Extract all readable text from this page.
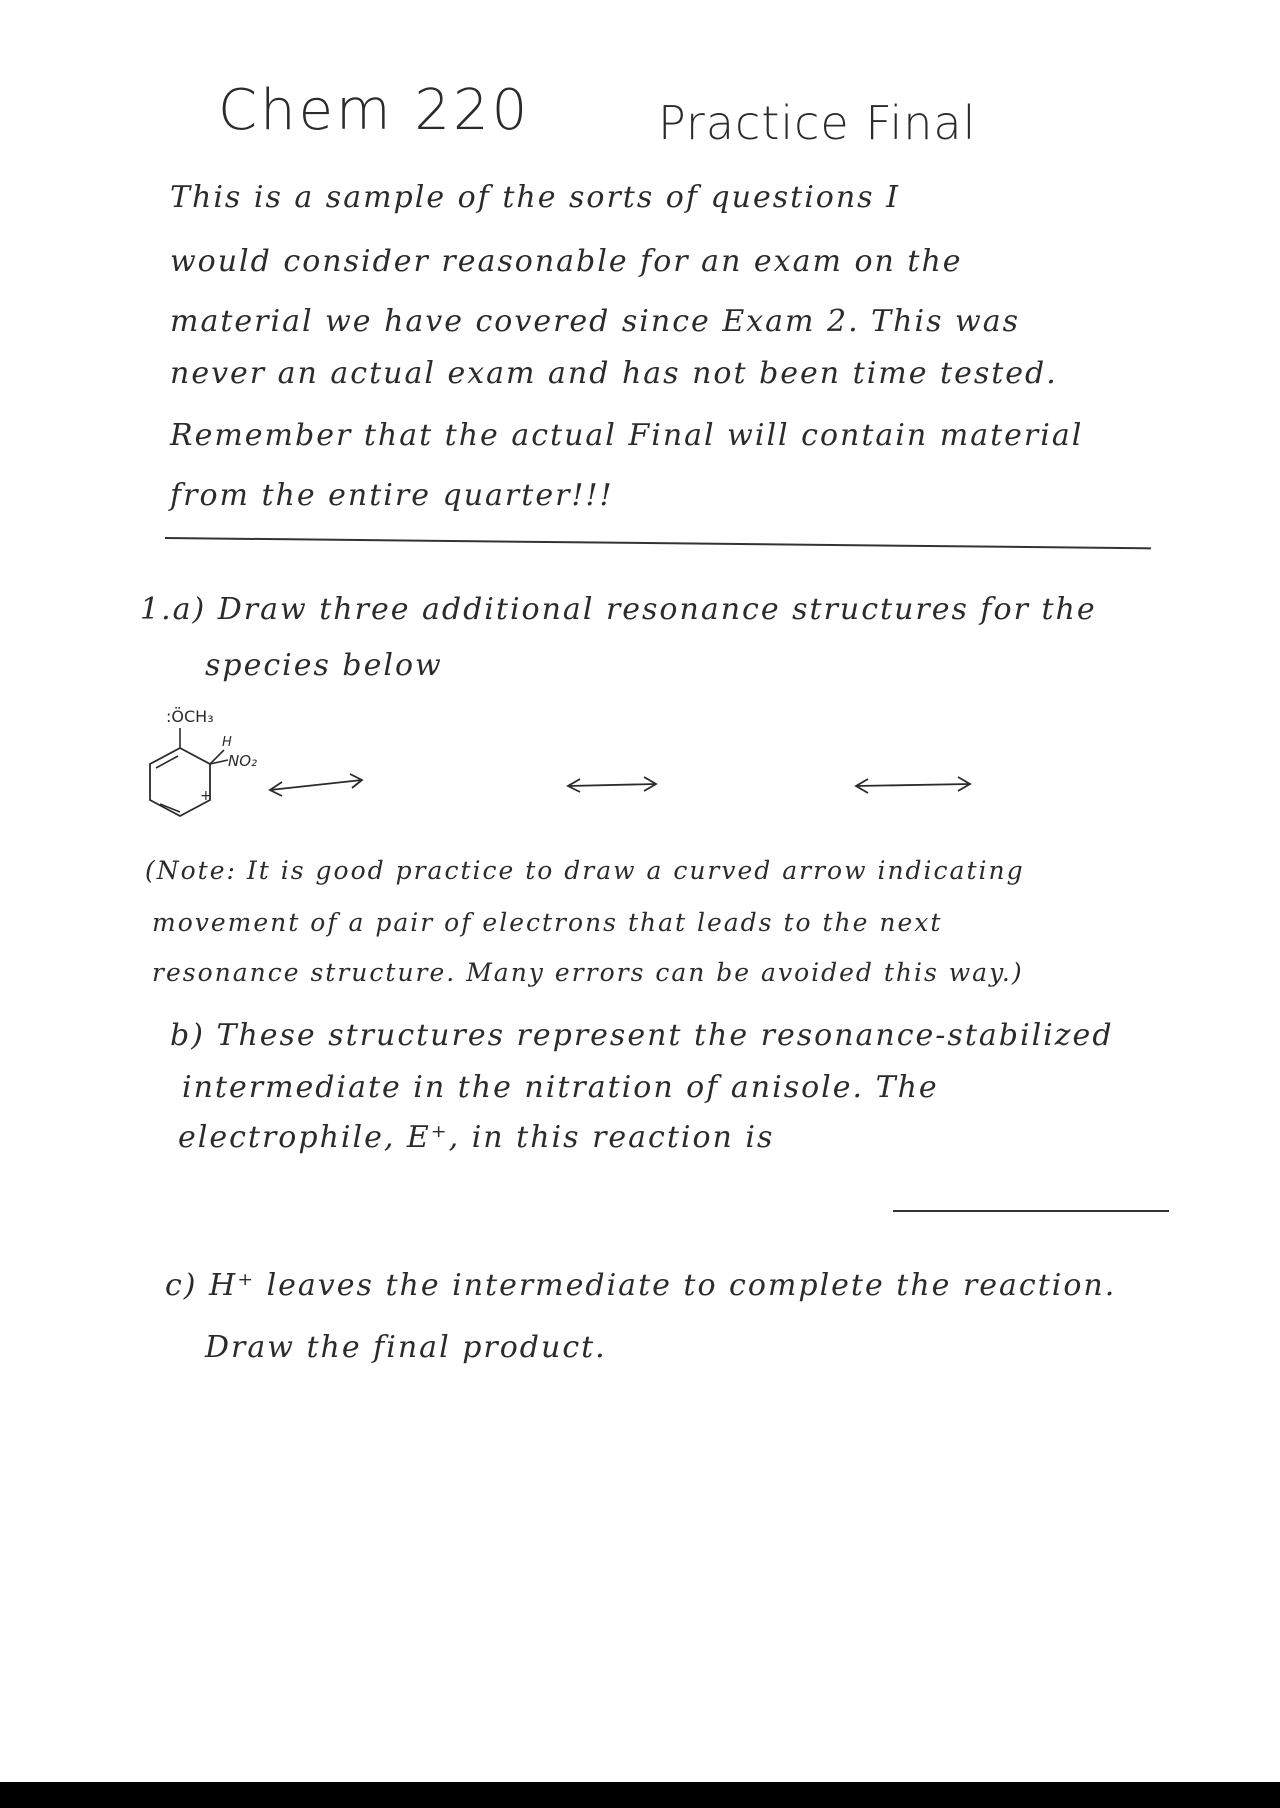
Chem 220	Practice Final
This is a sample of the sorts of questions I
would consider reasonable for an exam on the
material we have covered since Exam 2. This was
never an actual exam and has not been time tested.
Remember that the actual Final will contain material
from the entire quarter!!!
1.a) Draw three additional resonance structures for the
species below
:ÖCH₃
H
NO₂
+
(Note: It is good practice to draw a curved arrow indicating
movement of a pair of electrons that leads to the next
resonance structure. Many errors can be avoided this way.)
b) These structures represent the resonance-stabilized
intermediate in the nitration of anisole. The
electrophile, E⁺, in this reaction is
c) H⁺ leaves the intermediate to complete the reaction.
Draw the final product.
